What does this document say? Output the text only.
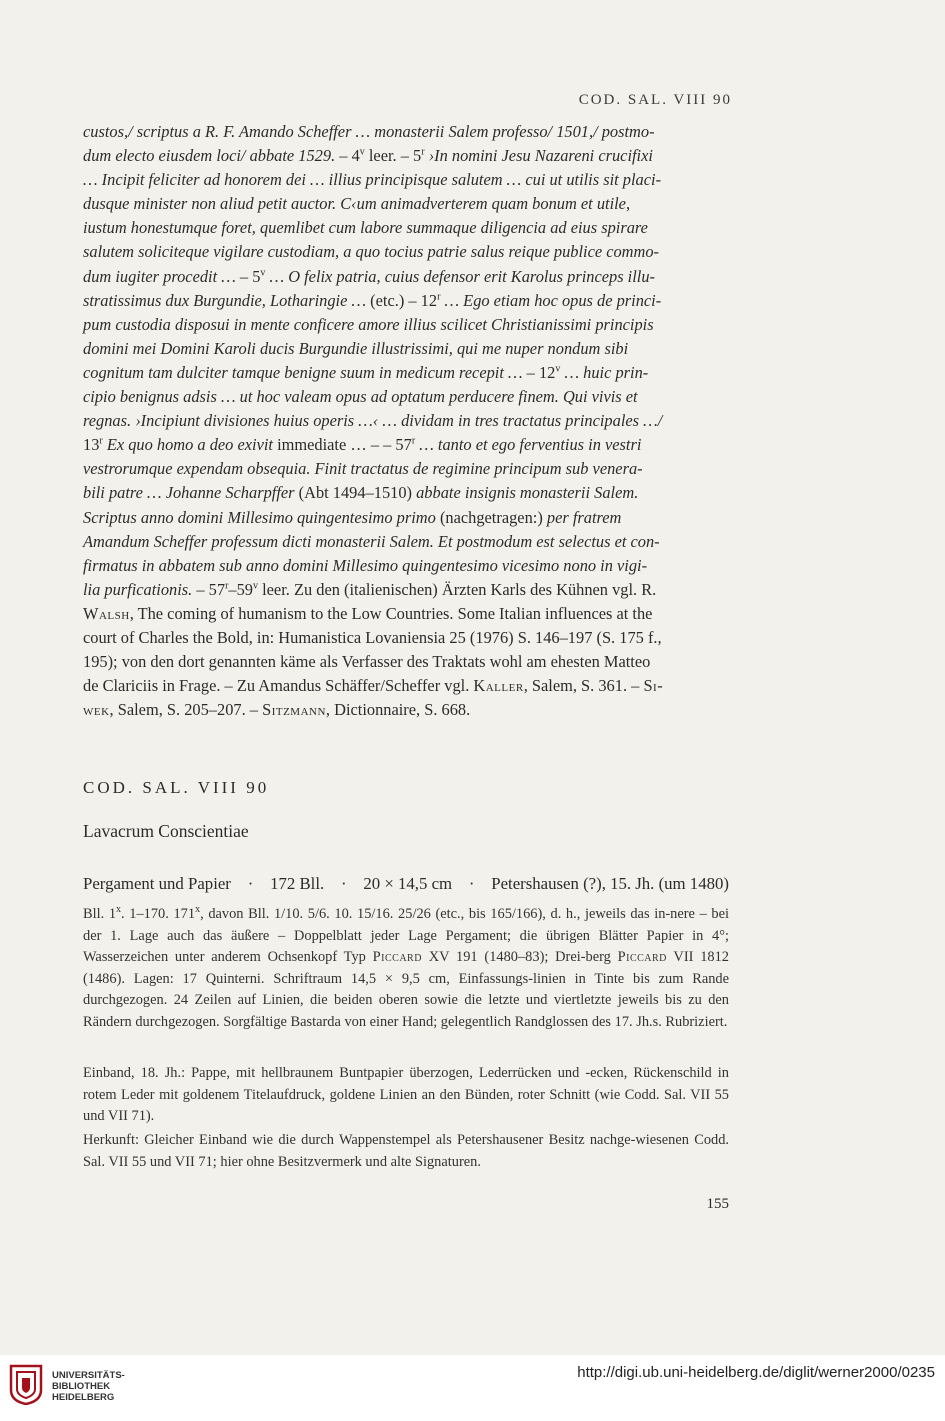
COD. SAL. VIII 90

custos,/ scriptus a R. F. Amando Scheffer … monasterii Salem professo/ 1501,/ postmo-
dum electo eiusdem loci/ abbate 1529. – 4$^v$ leer. – 5$^r$ ›In nomini Jesu Nazareni crucifixi
… Incipit feliciter ad honorem dei … illius principisque salutem … cui ut utilis sit placi-
dusque minister non aliud petit auctor. C‹um animadverterem quam bonum et utile,
iustum honestumque foret, quemlibet cum labore summaque diligencia ad eius spirare
salutem soliciteque vigilare custodiam, a quo tocius patrie salus reique publice commo-
dum iugiter procedit … – 5$^v$ … O felix patria, cuius defensor erit Karolus princeps illu-
stratissimus dux Burgundie, Lotharingie … (etc.) – 12$^r$ … Ego etiam hoc opus de princi-
pum custodia disposui in mente conficere amore illius scilicet Christianissimi principis
domini mei Domini Karoli ducis Burgundie illustrissimi, qui me nuper nondum sibi
cognitum tam dulciter tamque benigne suum in medicum recepit … – 12$^v$ … huic prin-
cipio benignus adsis … ut hoc valeam opus ad optatum perducere finem. Qui vivis et
regnas. ›Incipiunt divisiones huius operis …‹ … dividam in tres tractatus principales …/
13$^r$ Ex quo homo a deo exivit immediate … – – 57$^r$ … tanto et ego ferventius in vestri
vestrorumque expendam obsequia. Finit tractatus de regimine principum sub venera-
bili patre … Johanne Scharpffer (Abt 1494–1510) abbate insignis monasterii Salem.
Scriptus anno domini Millesimo quingentesimo primo (nachgetragen:) per fratrem
Amandum Scheffer professum dicti monasterii Salem. Et postmodum est selectus et con-
firmatus in abbatem sub anno domini Millesimo quingentesimo vicesimo nono in vigi-
lia purficationis. – 57$^r$–59$^v$ leer. Zu den (italienischen) Ärzten Karls des Kühnen vgl. R.
Walsh, The coming of humanism to the Low Countries. Some Italian influences at the
court of Charles the Bold, in: Humanistica Lovaniensia 25 (1976) S. 146–197 (S. 175 f.,
195); von den dort genannten käme als Verfasser des Traktats wohl am ehesten Matteo
de Clariciis in Frage. – Zu Amandus Schäffer/Scheffer vgl. Kaller, Salem, S. 361. – Si-
wek, Salem, S. 205–207. – Sitzmann, Dictionnaire, S. 668.

COD. SAL. VIII 90
Lavacrum Conscientiae
Pergament und Papier · 172 Bll. · 20 × 14,5 cm · Petershausen (?), 15. Jh. (um 1480)

Bll. 1$^x$. 1–170. 171$^x$, davon Bll. 1/10. 5/6. 10. 15/16. 25/26 (etc., bis 165/166), d. h., jeweils das in-nere – bei der 1. Lage auch das äußere – Doppelblatt jeder Lage Pergament; die übrigen Blätter Papier in 4°; Wasserzeichen unter anderem Ochsenkopf Typ Piccard XV 191 (1480–83); Drei-berg Piccard VII 1812 (1486). Lagen: 17 Quinterni. Schriftraum 14,5 × 9,5 cm, Einfassungs-linien in Tinte bis zum Rande durchgezogen. 24 Zeilen auf Linien, die beiden oberen sowie die letzte und viertletzte jeweils bis zu den Rändern durchgezogen. Sorgfältige Bastarda von einer Hand; gelegentlich Randglossen des 17. Jh.s. Rubriziert.

Einband, 18. Jh.: Pappe, mit hellbraunem Buntpapier überzogen, Lederrücken und -ecken, Rückenschild in rotem Leder mit goldenem Titelaufdruck, goldene Linien an den Bünden, roter Schnitt (wie Codd. Sal. VII 55 und VII 71).

Herkunft: Gleicher Einband wie die durch Wappenstempel als Petershausener Besitz nachge-wiesenen Codd. Sal. VII 55 und VII 71; hier ohne Besitzvermerk und alte Signaturen.

155
UNIVERSITÄTS-
BIBLIOTHEK
HEIDELBERG
http://digi.ub.uni-heidelberg.de/diglit/werner2000/0235
